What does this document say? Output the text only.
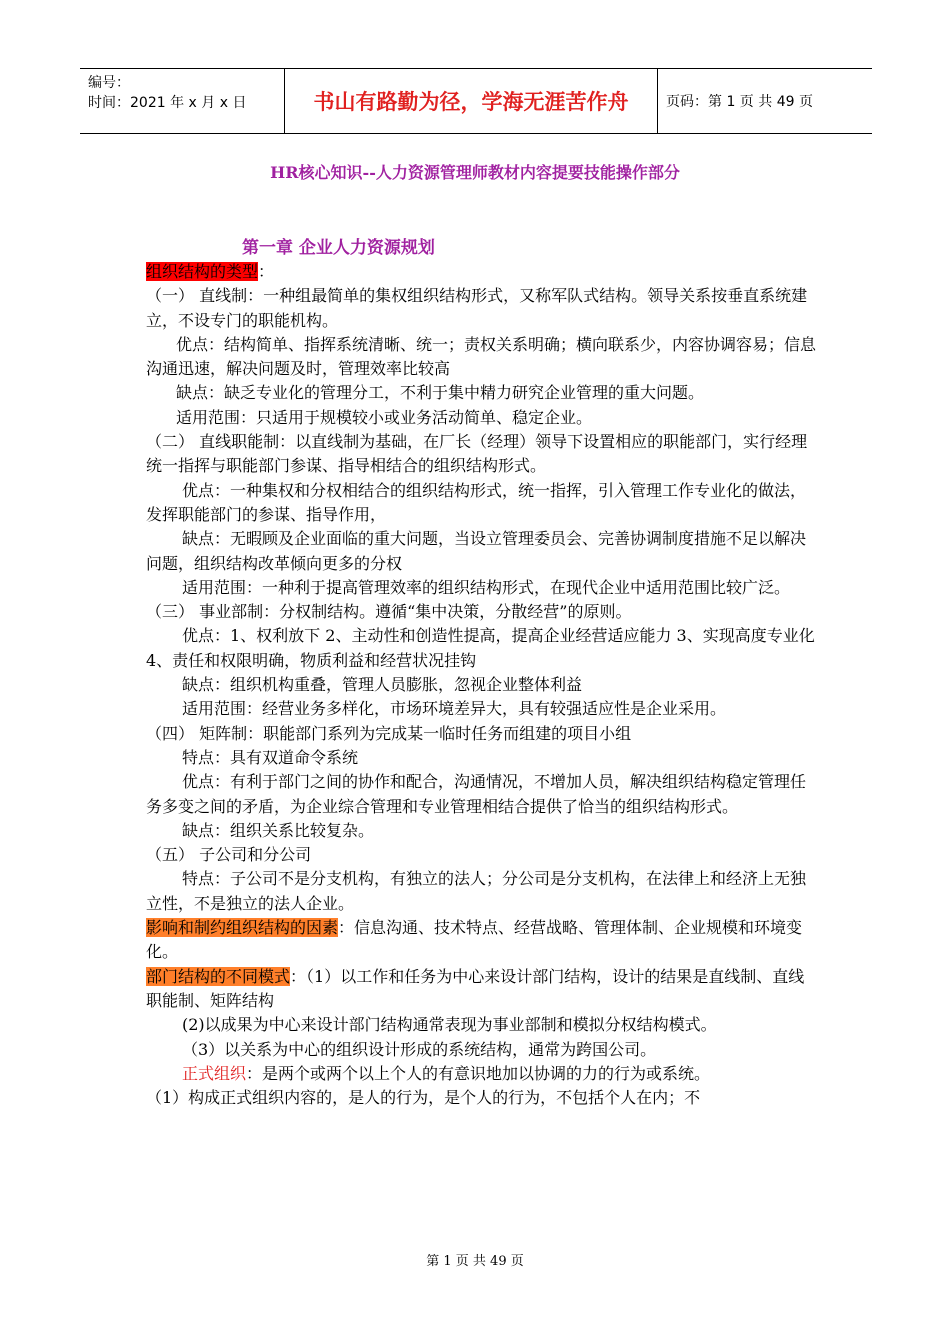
编号：
时间：2021 年 x 月 x 日	书山有路勤为径，学海无涯苦作舟	页码：第 1 页 共 49 页
HR核心知识--人力资源管理师教材内容提要技能操作部分
第一章 企业人力资源规划

组织结构的类型：

（一） 直线制：一种组最简单的集权组织结构形式，又称军队式结构。领导关系按垂直系统建立，不设专门的职能机构。

优点：结构简单、指挥系统清晰、统一；责权关系明确；横向联系少，内容协调容易；信息沟通迅速，解决问题及时，管理效率比较高

缺点：缺乏专业化的管理分工，不利于集中精力研究企业管理的重大问题。

适用范围：只适用于规模较小或业务活动简单、稳定企业。

（二） 直线职能制：以直线制为基础，在厂长（经理）领导下设置相应的职能部门，实行经理统一指挥与职能部门参谋、指导相结合的组织结构形式。

优点：一种集权和分权相结合的组织结构形式，统一指挥，引入管理工作专业化的做法，发挥职能部门的参谋、指导作用，

缺点：无暇顾及企业面临的重大问题，当设立管理委员会、完善协调制度措施不足以解决问题，组织结构改革倾向更多的分权

适用范围：一种利于提高管理效率的组织结构形式，在现代企业中适用范围比较广泛。

（三） 事业部制：分权制结构。遵循“集中决策，分散经营”的原则。

优点：1、权利放下 2、主动性和创造性提高，提高企业经营适应能力 3、实现高度专业化 4、责任和权限明确，物质利益和经营状况挂钩

缺点：组织机构重叠，管理人员膨胀，忽视企业整体利益

适用范围：经营业务多样化，市场环境差异大，具有较强适应性是企业采用。

（四） 矩阵制：职能部门系列为完成某一临时任务而组建的项目小组

特点：具有双道命令系统

优点：有利于部门之间的协作和配合，沟通情况，不增加人员，解决组织结构稳定管理任务多变之间的矛盾，为企业综合管理和专业管理相结合提供了恰当的组织结构形式。

缺点：组织关系比较复杂。

（五） 子公司和分公司

特点：子公司不是分支机构，有独立的法人；分公司是分支机构，在法律上和经济上无独立性，不是独立的法人企业。

影响和制约组织结构的因素：信息沟通、技术特点、经营战略、管理体制、企业规模和环境变化。

部门结构的不同模式：（1）以工作和任务为中心来设计部门结构，设计的结果是直线制、直线职能制、矩阵结构

(2)以成果为中心来设计部门结构通常表现为事业部制和模拟分权结构模式。

（3）以关系为中心的组织设计形成的系统结构，通常为跨国公司。

正式组织：是两个或两个以上个人的有意识地加以协调的力的行为或系统。

（1）构成正式组织内容的，是人的行为，是个人的行为，不包括个人在内；不

第 1 页 共 49 页
